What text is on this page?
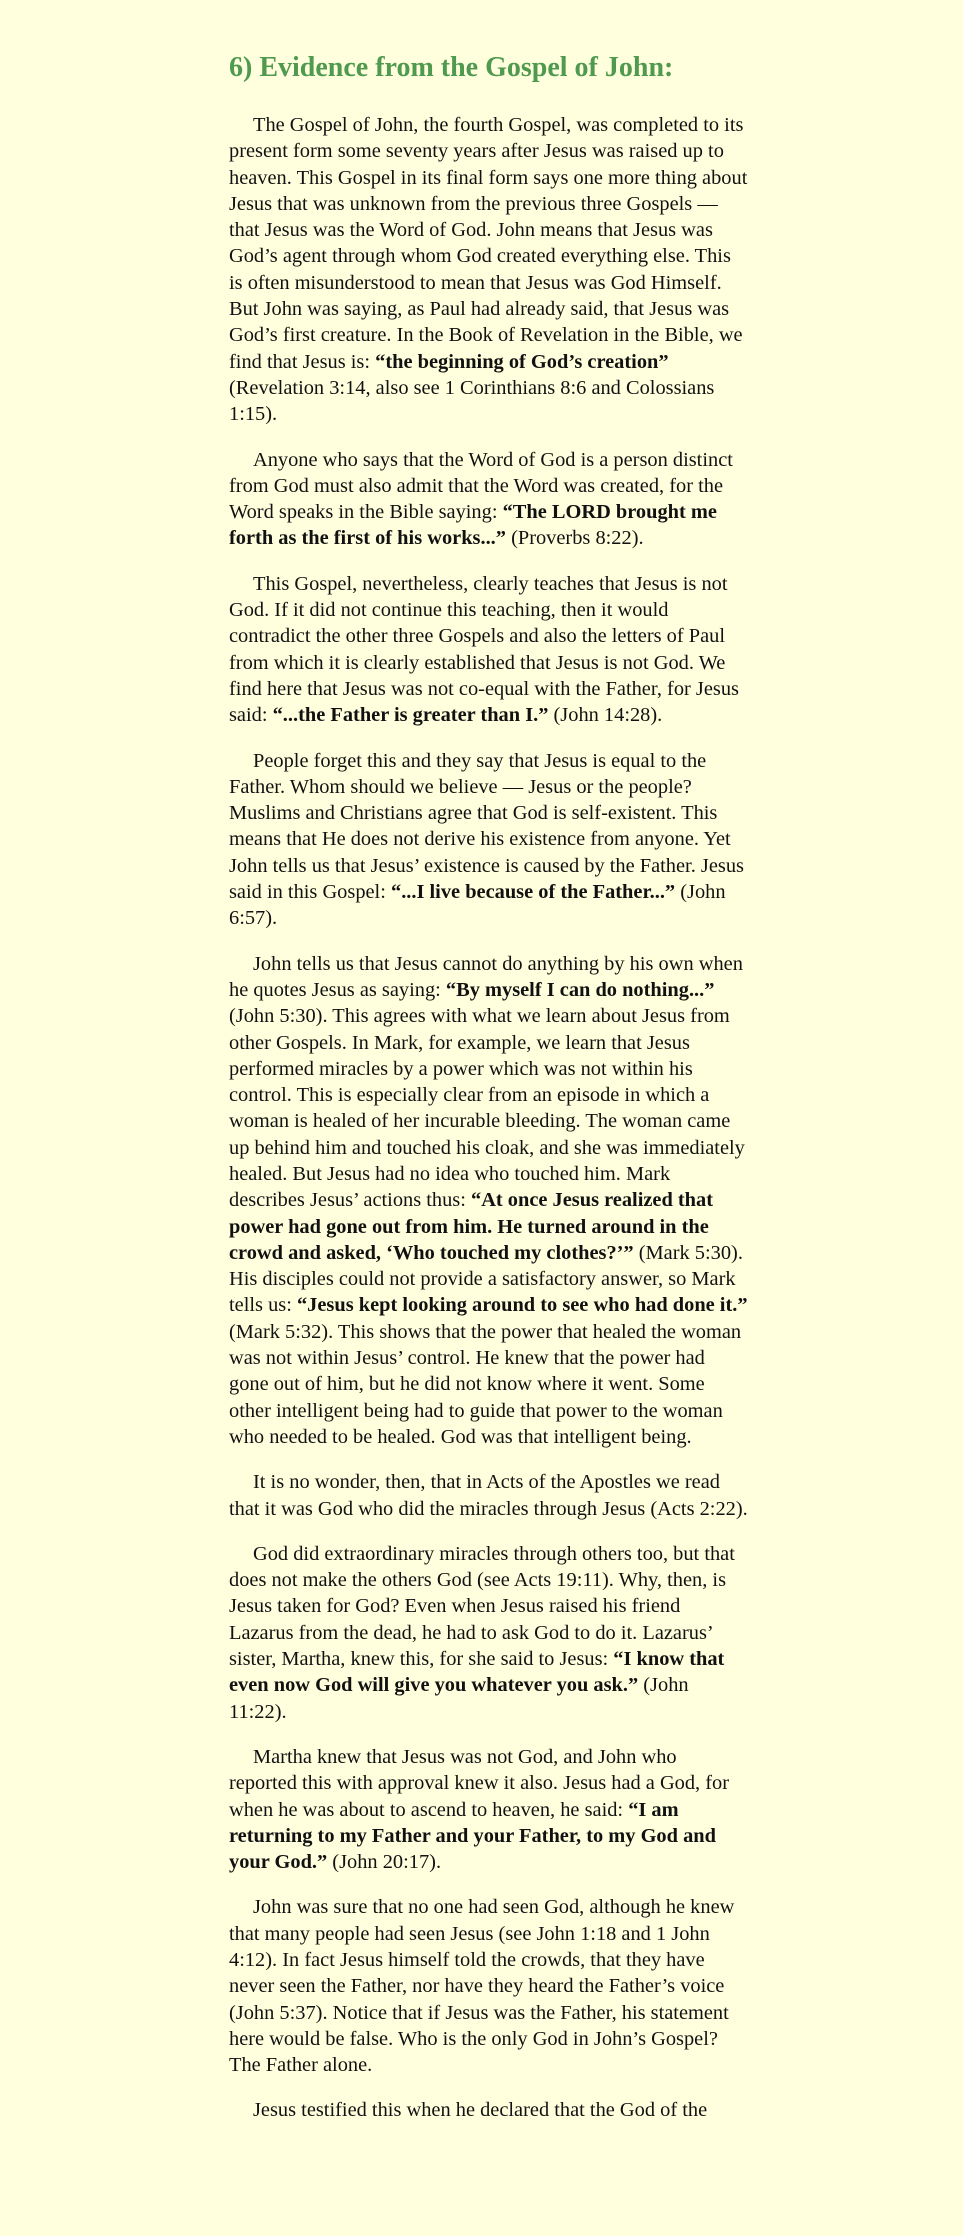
6) Evidence from the Gospel of John:

The Gospel of John, the fourth Gospel, was completed to its present form some seventy years after Jesus was raised up to heaven. This Gospel in its final form says one more thing about Jesus that was unknown from the previous three Gospels — that Jesus was the Word of God. John means that Jesus was God’s agent through whom God created everything else. This is often misunderstood to mean that Jesus was God Himself. But John was saying, as Paul had already said, that Jesus was God’s first creature. In the Book of Revelation in the Bible, we find that Jesus is: “the beginning of God’s creation” (Revelation 3:14, also see 1 Corinthians 8:6 and Colossians 1:15).

Anyone who says that the Word of God is a person distinct from God must also admit that the Word was created, for the Word speaks in the Bible saying: “The LORD brought me forth as the first of his works...” (Proverbs 8:22).

This Gospel, nevertheless, clearly teaches that Jesus is not God. If it did not continue this teaching, then it would contradict the other three Gospels and also the letters of Paul from which it is clearly established that Jesus is not God. We find here that Jesus was not co-equal with the Father, for Jesus said: “...the Father is greater than I.” (John 14:28).

People forget this and they say that Jesus is equal to the Father. Whom should we believe — Jesus or the people? Muslims and Christians agree that God is self-existent. This means that He does not derive his existence from anyone. Yet John tells us that Jesus’ existence is caused by the Father. Jesus said in this Gospel: “...I live because of the Father...” (John 6:57).

John tells us that Jesus cannot do anything by his own when he quotes Jesus as saying: “By myself I can do nothing...” (John 5:30). This agrees with what we learn about Jesus from other Gospels. In Mark, for example, we learn that Jesus performed miracles by a power which was not within his control. This is especially clear from an episode in which a woman is healed of her incurable bleeding. The woman came up behind him and touched his cloak, and she was immediately healed. But Jesus had no idea who touched him. Mark describes Jesus’ actions thus: “At once Jesus realized that power had gone out from him. He turned around in the crowd and asked, ‘Who touched my clothes?’” (Mark 5:30). His disciples could not provide a satisfactory answer, so Mark tells us: “Jesus kept looking around to see who had done it.” (Mark 5:32). This shows that the power that healed the woman was not within Jesus’ control. He knew that the power had gone out of him, but he did not know where it went. Some other intelligent being had to guide that power to the woman who needed to be healed. God was that intelligent being.

It is no wonder, then, that in Acts of the Apostles we read that it was God who did the miracles through Jesus (Acts 2:22).

God did extraordinary miracles through others too, but that does not make the others God (see Acts 19:11). Why, then, is Jesus taken for God? Even when Jesus raised his friend Lazarus from the dead, he had to ask God to do it. Lazarus’ sister, Martha, knew this, for she said to Jesus: “I know that even now God will give you whatever you ask.” (John 11:22).

Martha knew that Jesus was not God, and John who reported this with approval knew it also. Jesus had a God, for when he was about to ascend to heaven, he said: “I am returning to my Father and your Father, to my God and your God.” (John 20:17).

John was sure that no one had seen God, although he knew that many people had seen Jesus (see John 1:18 and 1 John 4:12). In fact Jesus himself told the crowds, that they have never seen the Father, nor have they heard the Father’s voice (John 5:37). Notice that if Jesus was the Father, his statement here would be false. Who is the only God in John’s Gospel? The Father alone.

Jesus testified this when he declared that the God of the
